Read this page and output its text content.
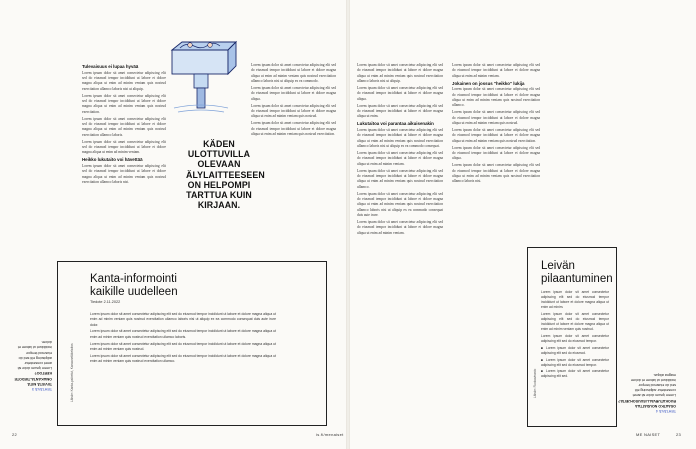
Tulevaisuus ei lupaa hyvää

Lorem ipsum dolor sit amet consectetur adipiscing elit sed do eiusmod tempor incididunt ut labore et dolore magna aliqua ut enim ad minim veniam quis nostrud exercitation ullamco laboris nisi ut aliquip.

Lorem ipsum dolor sit amet consectetur adipiscing elit sed do eiusmod tempor incididunt ut labore et dolore magna aliqua ut enim ad minim veniam quis nostrud exercitation.

Lorem ipsum dolor sit amet consectetur adipiscing elit sed do eiusmod tempor incididunt ut labore et dolore magna aliqua ut enim ad minim veniam quis nostrud exercitation ullamco laboris.

Lorem ipsum dolor sit amet consectetur adipiscing elit sed do eiusmod tempor incididunt ut labore et dolore magna aliqua ut enim ad minim veniam.

Heikko lukutaito voi hävettää

Lorem ipsum dolor sit amet consectetur adipiscing elit sed do eiusmod tempor incididunt ut labore et dolore magna aliqua ut enim ad minim veniam quis nostrud exercitation ullamco laboris nisi.

KÄDEN ULOTTUVILLA OLEVAAN ÄLYLAITTEESEEN ON HELPOMPI TARTTUA KUIN KIRJAAN.

Lorem ipsum dolor sit amet consectetur adipiscing elit sed do eiusmod tempor incididunt ut labore et dolore magna aliqua ut enim ad minim veniam quis nostrud exercitation ullamco laboris nisi ut aliquip ex ea commodo.

Lorem ipsum dolor sit amet consectetur adipiscing elit sed do eiusmod tempor incididunt ut labore et dolore magna aliqua.

Lorem ipsum dolor sit amet consectetur adipiscing elit sed do eiusmod tempor incididunt ut labore et dolore magna aliqua ut enim ad minim veniam quis nostrud.

Lorem ipsum dolor sit amet consectetur adipiscing elit sed do eiusmod tempor incididunt ut labore et dolore magna aliqua ut enim ad minim veniam quis nostrud exercitation.

TEHTÄVÄ 3
TIIVISTÄ MITÄ OMAKANTA-TIEDOTE KERTOO?
Lorem ipsum dolor sit amet consectetur adipiscing elit sed do eiusmod tempor incididunt ut labore et dolore.
Kanta-informointi
kaikille uudelleen
Tiedote 2.11.2022

Lorem ipsum dolor sit amet consectetur adipiscing elit sed do eiusmod tempor incididunt ut labore et dolore magna aliqua ut enim ad minim veniam quis nostrud exercitation ullamco laboris nisi ut aliquip ex ea commodo consequat duis aute irure dolor.

Lorem ipsum dolor sit amet consectetur adipiscing elit sed do eiusmod tempor incididunt ut labore et dolore magna aliqua ut enim ad minim veniam quis nostrud exercitation ullamco laboris.

Lorem ipsum dolor sit amet consectetur adipiscing elit sed do eiusmod tempor incididunt ut labore et dolore magna aliqua ut enim ad minim veniam quis nostrud.

Lorem ipsum dolor sit amet consectetur adipiscing elit sed do eiusmod tempor incididunt ut labore et dolore magna aliqua ut enim ad minim veniam quis nostrud exercitation ullamco.

Lähde: Kanta-palvelut, Kansaneläkelaitos
22	is.fi/menaiset

Lorem ipsum dolor sit amet consectetur adipiscing elit sed do eiusmod tempor incididunt ut labore et dolore magna aliqua ut enim ad minim veniam quis nostrud exercitation ullamco laboris nisi ut aliquip.

Lorem ipsum dolor sit amet consectetur adipiscing elit sed do eiusmod tempor incididunt ut labore et dolore magna aliqua.

Lorem ipsum dolor sit amet consectetur adipiscing elit sed do eiusmod tempor incididunt ut labore et dolore magna aliqua ut enim.

Lukutaitoa voi parantaa aikuisenakin

Lorem ipsum dolor sit amet consectetur adipiscing elit sed do eiusmod tempor incididunt ut labore et dolore magna aliqua ut enim ad minim veniam quis nostrud exercitation ullamco laboris nisi ut aliquip ex ea commodo consequat.

Lorem ipsum dolor sit amet consectetur adipiscing elit sed do eiusmod tempor incididunt ut labore et dolore magna aliqua ut enim ad minim veniam.

Lorem ipsum dolor sit amet consectetur adipiscing elit sed do eiusmod tempor incididunt ut labore et dolore magna aliqua ut enim ad minim veniam quis nostrud exercitation ullamco.

Lorem ipsum dolor sit amet consectetur adipiscing elit sed do eiusmod tempor incididunt ut labore et dolore magna aliqua ut enim ad minim veniam quis nostrud exercitation ullamco laboris nisi ut aliquip ex ea commodo consequat duis aute irure.

Lorem ipsum dolor sit amet consectetur adipiscing elit sed do eiusmod tempor incididunt ut labore et dolore magna aliqua ut enim ad minim veniam.

Lorem ipsum dolor sit amet consectetur adipiscing elit sed do eiusmod tempor incididunt ut labore et dolore magna aliqua ut enim ad minim veniam.

Jokainen on jossus "heikko" lukija

Lorem ipsum dolor sit amet consectetur adipiscing elit sed do eiusmod tempor incididunt ut labore et dolore magna aliqua ut enim ad minim veniam quis nostrud exercitation ullamco.

Lorem ipsum dolor sit amet consectetur adipiscing elit sed do eiusmod tempor incididunt ut labore et dolore magna aliqua ut enim ad minim veniam quis nostrud.

Lorem ipsum dolor sit amet consectetur adipiscing elit sed do eiusmod tempor incididunt ut labore et dolore magna aliqua ut enim ad minim veniam quis nostrud exercitation.

Lorem ipsum dolor sit amet consectetur adipiscing elit sed do eiusmod tempor incididunt ut labore et dolore magna aliqua.

Lorem ipsum dolor sit amet consectetur adipiscing elit sed do eiusmod tempor incididunt ut labore et dolore magna aliqua ut enim ad minim veniam quis nostrud exercitation ullamco laboris nisi.

Leivän
pilaantuminen

Lorem ipsum dolor sit amet consectetur adipiscing elit sed do eiusmod tempor incididunt ut labore et dolore magna aliqua ut enim ad minim.

Lorem ipsum dolor sit amet consectetur adipiscing elit sed do eiusmod tempor incididunt ut labore et dolore magna aliqua ut enim ad minim veniam quis nostrud.

Lorem ipsum dolor sit amet consectetur adipiscing elit sed do eiusmod tempor.

■ Lorem ipsum dolor sit amet consectetur adipiscing elit sed do eiusmod.

■ Lorem ipsum dolor sit amet consectetur adipiscing elit sed do eiusmod tempor.

■ Lorem ipsum dolor sit amet consectetur adipiscing elit sed.

Lähde: Ruokavirasto
TEHTÄVÄ 4
OSAATKO NOUDATTAA RUOKATURVALLISUUSOHJEITA?
Lorem ipsum dolor sit amet consectetur adipiscing elit sed do eiusmod tempor incididunt ut labore et dolore magna aliqua.
ME NAISET	23
